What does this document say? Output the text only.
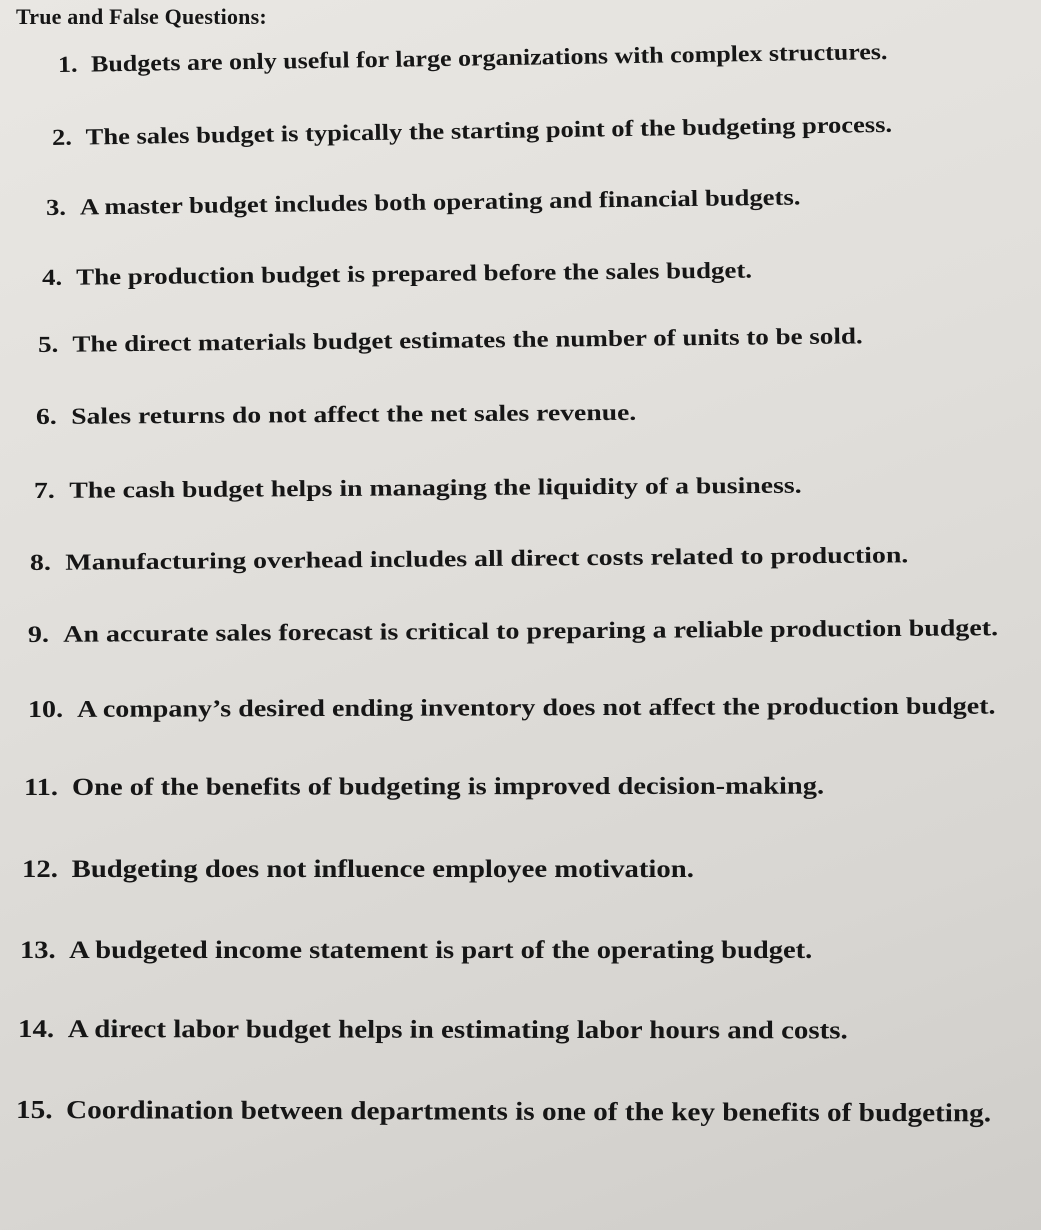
True and False Questions:
1. Budgets are only useful for large organizations with complex structures.
2. The sales budget is typically the starting point of the budgeting process.
3. A master budget includes both operating and financial budgets.
4. The production budget is prepared before the sales budget.
5. The direct materials budget estimates the number of units to be sold.
6. Sales returns do not affect the net sales revenue.
7. The cash budget helps in managing the liquidity of a business.
8. Manufacturing overhead includes all direct costs related to production.
9. An accurate sales forecast is critical to preparing a reliable production budget.
10. A company’s desired ending inventory does not affect the production budget.
11. One of the benefits of budgeting is improved decision-making.
12. Budgeting does not influence employee motivation.
13. A budgeted income statement is part of the operating budget.
14. A direct labor budget helps in estimating labor hours and costs.
15. Coordination between departments is one of the key benefits of budgeting.
